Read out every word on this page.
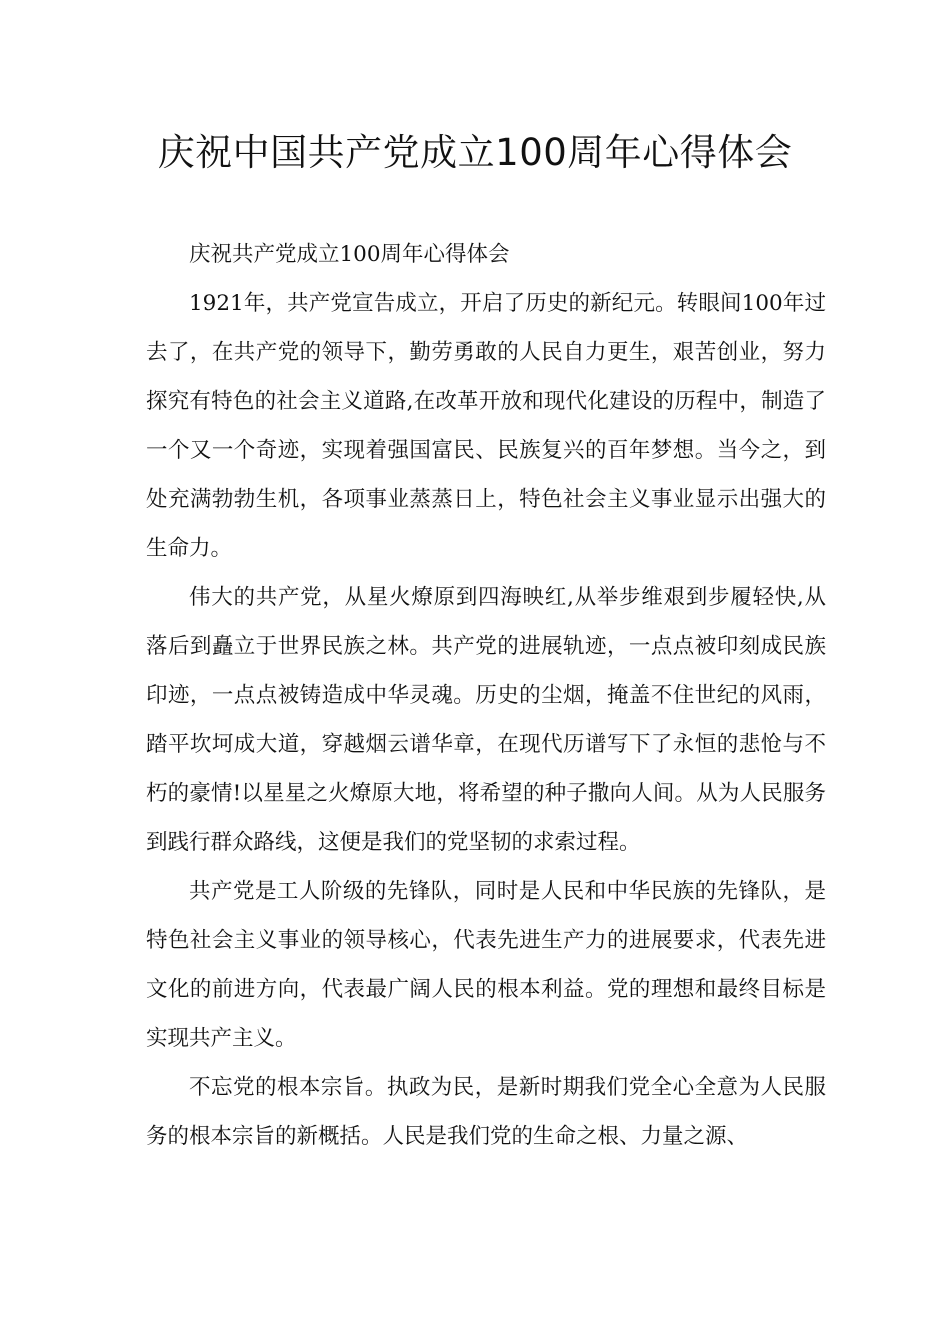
庆祝中国共产党成立100周年心得体会

庆祝共产党成立100周年心得体会

1921年，共产党宣告成立，开启了历史的新纪元。转眼间100年过去了，在共产党的领导下，勤劳勇敢的人民自力更生，艰苦创业，努力探究有特色的社会主义道路,在改革开放和现代化建设的历程中，制造了一个又一个奇迹，实现着强国富民、民族复兴的百年梦想。当今之，到处充满勃勃生机，各项事业蒸蒸日上，特色社会主义事业显示出强大的生命力。

伟大的共产党，从星火燎原到四海映红,从举步维艰到步履轻快,从落后到矗立于世界民族之林。共产党的进展轨迹，一点点被印刻成民族印迹，一点点被铸造成中华灵魂。历史的尘烟，掩盖不住世纪的风雨，踏平坎坷成大道，穿越烟云谱华章，在现代历谱写下了永恒的悲怆与不朽的豪情!以星星之火燎原大地，将希望的种子撒向人间。从为人民服务到践行群众路线，这便是我们的党坚韧的求索过程。

共产党是工人阶级的先锋队，同时是人民和中华民族的先锋队，是特色社会主义事业的领导核心，代表先进生产力的进展要求，代表先进文化的前进方向，代表最广阔人民的根本利益。党的理想和最终目标是实现共产主义。

不忘党的根本宗旨。执政为民，是新时期我们党全心全意为人民服务的根本宗旨的新概括。人民是我们党的生命之根、力量之源、
